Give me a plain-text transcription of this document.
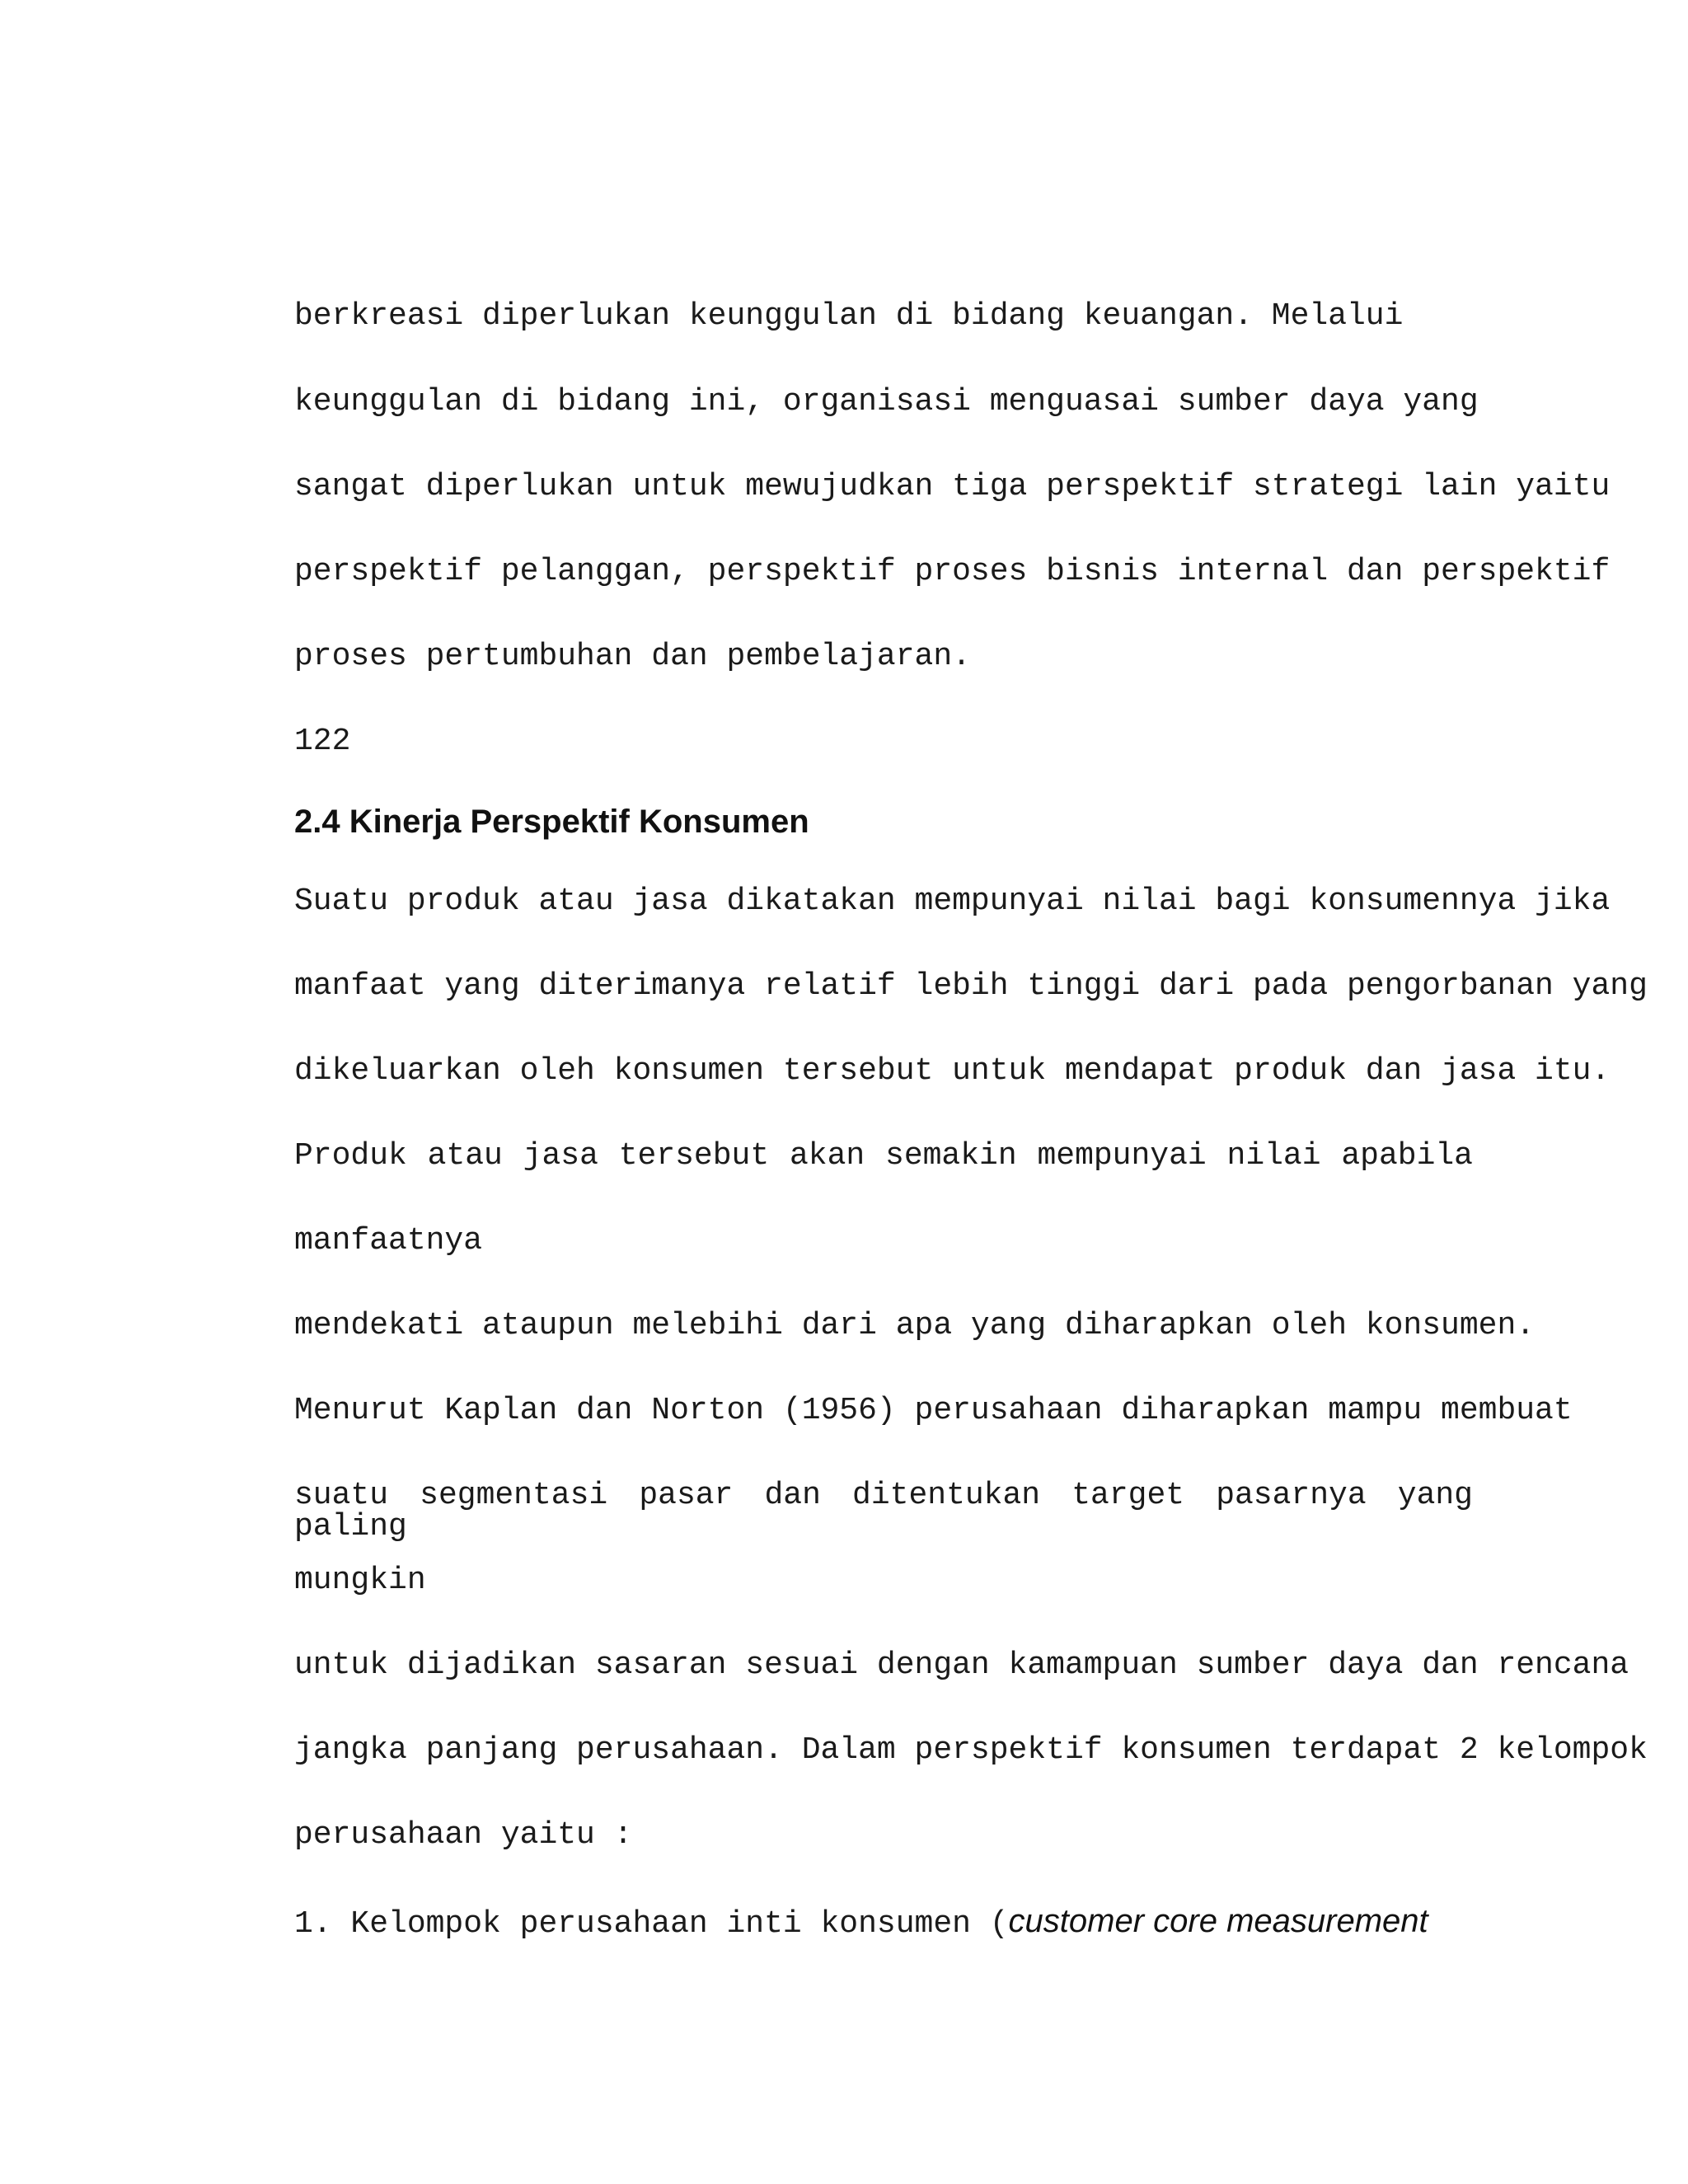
berkreasi diperlukan keunggulan di bidang keuangan. Melalui

keunggulan di bidang ini, organisasi menguasai sumber daya yang

sangat diperlukan untuk mewujudkan tiga perspektif strategi lain yaitu

perspektif pelanggan, perspektif proses bisnis internal dan perspektif

proses pertumbuhan dan pembelajaran.

122

2.4 Kinerja Perspektif Konsumen

Suatu produk atau jasa dikatakan mempunyai nilai bagi konsumennya jika

manfaat yang diterimanya relatif lebih tinggi dari pada pengorbanan yang

dikeluarkan oleh konsumen tersebut untuk mendapat produk dan jasa itu.

Produk atau jasa tersebut akan semakin mempunyai nilai apabila

manfaatnya

mendekati ataupun melebihi dari apa yang diharapkan oleh konsumen.

Menurut Kaplan dan Norton (1956) perusahaan diharapkan mampu membuat

suatu segmentasi pasar dan ditentukan target pasarnya yang paling

mungkin

untuk dijadikan sasaran sesuai dengan kamampuan sumber daya dan rencana

jangka panjang perusahaan. Dalam perspektif konsumen terdapat 2 kelompok

perusahaan yaitu :

1. Kelompok perusahaan inti konsumen (customer core measurement
